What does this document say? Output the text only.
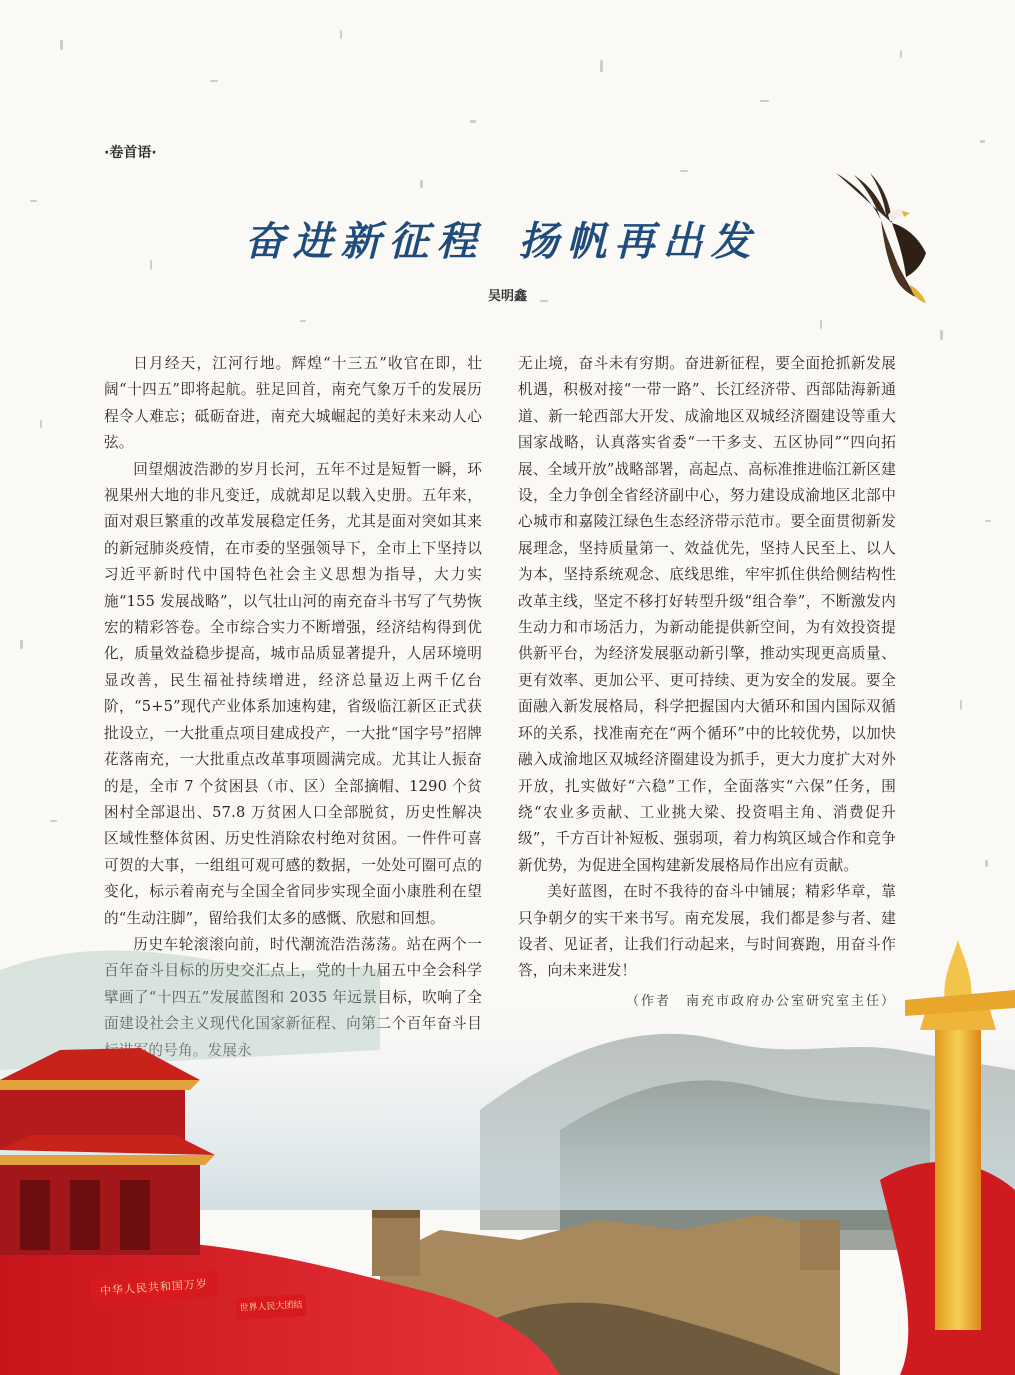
·卷首语·
奋进新征程 扬帆再出发
吴明鑫

日月经天，江河行地。辉煌“十三五”收官在即，壮阔“十四五”即将起航。驻足回首，南充气象万千的发展历程令人难忘；砥砺奋进，南充大城崛起的美好未来动人心弦。

回望烟波浩渺的岁月长河，五年不过是短暂一瞬，环视果州大地的非凡变迁，成就却足以载入史册。五年来，面对艰巨繁重的改革发展稳定任务，尤其是面对突如其来的新冠肺炎疫情，在市委的坚强领导下，全市上下坚持以习近平新时代中国特色社会主义思想为指导，大力实施“155 发展战略”，以气壮山河的南充奋斗书写了气势恢宏的精彩答卷。全市综合实力不断增强，经济结构得到优化，质量效益稳步提高，城市品质显著提升，人居环境明显改善，民生福祉持续增进，经济总量迈上两千亿台阶，“5+5”现代产业体系加速构建，省级临江新区正式获批设立，一大批重点项目建成投产，一大批“国字号”招牌花落南充，一大批重点改革事项圆满完成。尤其让人振奋的是，全市 7 个贫困县（市、区）全部摘帽、1290 个贫困村全部退出、57.8 万贫困人口全部脱贫，历史性解决区域性整体贫困、历史性消除农村绝对贫困。一件件可喜可贺的大事，一组组可观可感的数据，一处处可圈可点的变化，标示着南充与全国全省同步实现全面小康胜利在望的“生动注脚”，留给我们太多的感慨、欣慰和回想。

历史车轮滚滚向前，时代潮流浩浩荡荡。站在两个一百年奋斗目标的历史交汇点上，党的十九届五中全会科学擘画了“十四五”发展蓝图和 2035 年远景目标，吹响了全

无止境，奋斗未有穷期。奋进新征程，要全面抢抓新发展机遇，积极对接“一带一路”、长江经济带、西部陆海新通道、新一轮西部大开发、成渝地区双城经济圈建设等重大国家战略，认真落实省委“一干多支、五区协同”“四向拓展、全域开放”战略部署，高起点、高标准推进临江新区建设，全力争创全省经济副中心，努力建设成渝地区北部中心城市和嘉陵江绿色生态经济带示范市。要全面贯彻新发展理念，坚持质量第一、效益优先，坚持人民至上、以人为本，坚持系统观念、底线思维，牢牢抓住供给侧结构性改革主线，坚定不移打好转型升级“组合拳”，不断激发内生动力和市场活力，为新动能提供新空间，为有效投资提供新平台，为经济发展驱动新引擎，推动实现更高质量、更有效率、更加公平、更可持续、更为安全的发展。要全面融入新发展格局，科学把握国内大循环和国内国际双循环的关系，找准南充在“两个循环”中的比较优势，以加快融入成渝地区双城经济圈建设为抓手，更大力度扩大对外开放，扎实做好“六稳”工作，全面落实“六保”任务，围绕“农业多贡献、工业挑大梁、投资唱主角、消费促升级”，千方百计补短板、强弱项，着力构筑区域合作和竞争新优势，为促进全国构建新发展格局作出应有贡献。

美好蓝图，在时不我待的奋斗中铺展；精彩华章，靠只争朝夕的实干来书写。南充发展，我们都是参与者、建设者、见证者，让我们行动起来，与时间赛跑，用奋斗作答，向未来进发！

（作者　南充市政府办公室研究室主任）
中华人民共和国万岁
世界人民大团结
